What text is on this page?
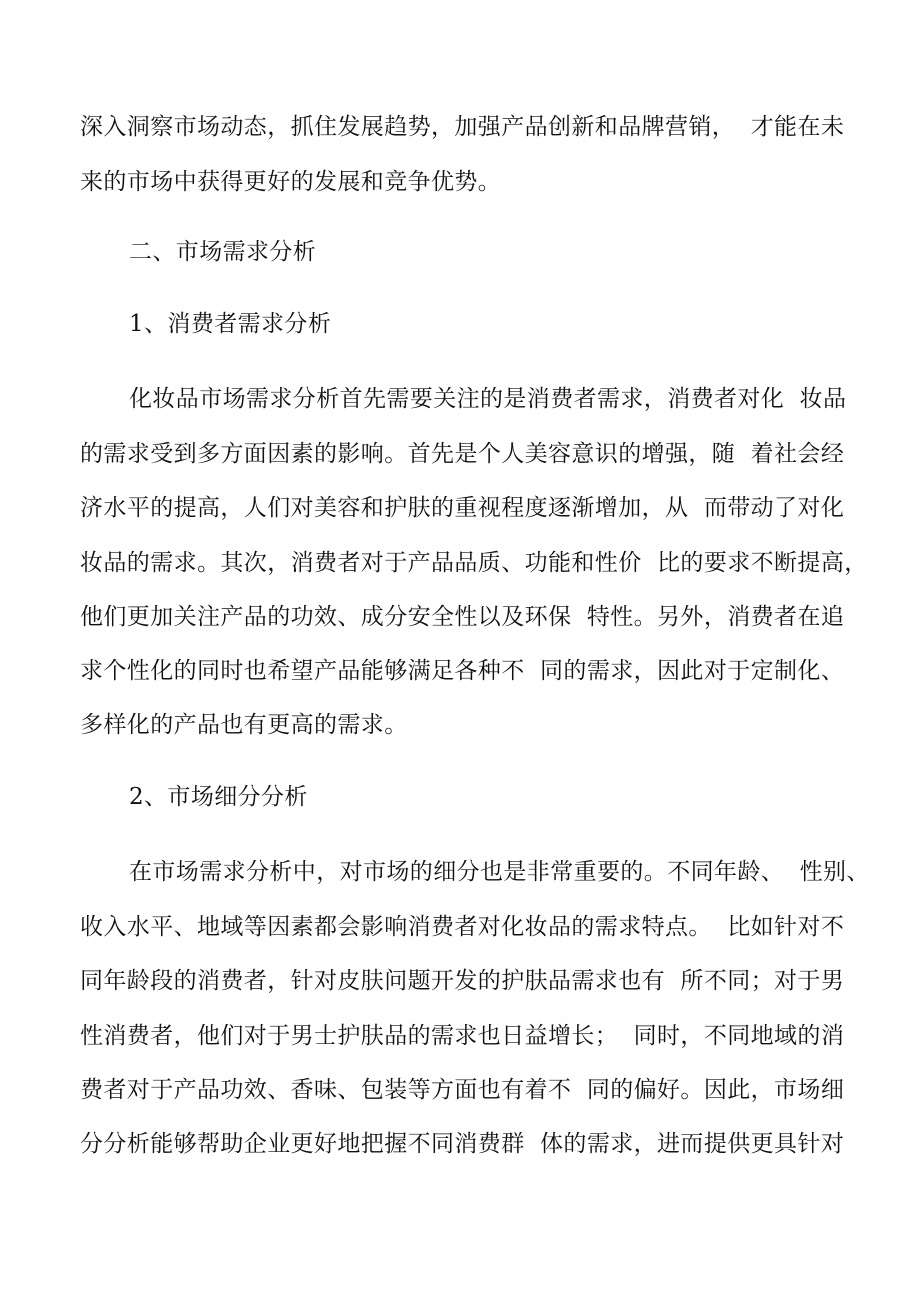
深入洞察市场动态，抓住发展趋势，加强产品创新和品牌营销，  才能在未
来的市场中获得更好的发展和竞争优势。
二、市场需求分析
1、消费者需求分析
化妆品市场需求分析首先需要关注的是消费者需求，消费者对化  妆品
的需求受到多方面因素的影响。首先是个人美容意识的增强，随  着社会经
济水平的提高，人们对美容和护肤的重视程度逐渐增加，从  而带动了对化
妆品的需求。其次，消费者对于产品品质、功能和性价  比的要求不断提高，
他们更加关注产品的功效、成分安全性以及环保  特性。另外，消费者在追
求个性化的同时也希望产品能够满足各种不  同的需求，因此对于定制化、
多样化的产品也有更高的需求。
2、市场细分分析
在市场需求分析中，对市场的细分也是非常重要的。不同年龄、  性别、
收入水平、地域等因素都会影响消费者对化妆品的需求特点。  比如针对不
同年龄段的消费者，针对皮肤问题开发的护肤品需求也有  所不同；对于男
性消费者，他们对于男士护肤品的需求也日益增长；  同时，不同地域的消
费者对于产品功效、香味、包装等方面也有着不  同的偏好。因此，市场细
分分析能够帮助企业更好地把握不同消费群  体的需求，进而提供更具针对
